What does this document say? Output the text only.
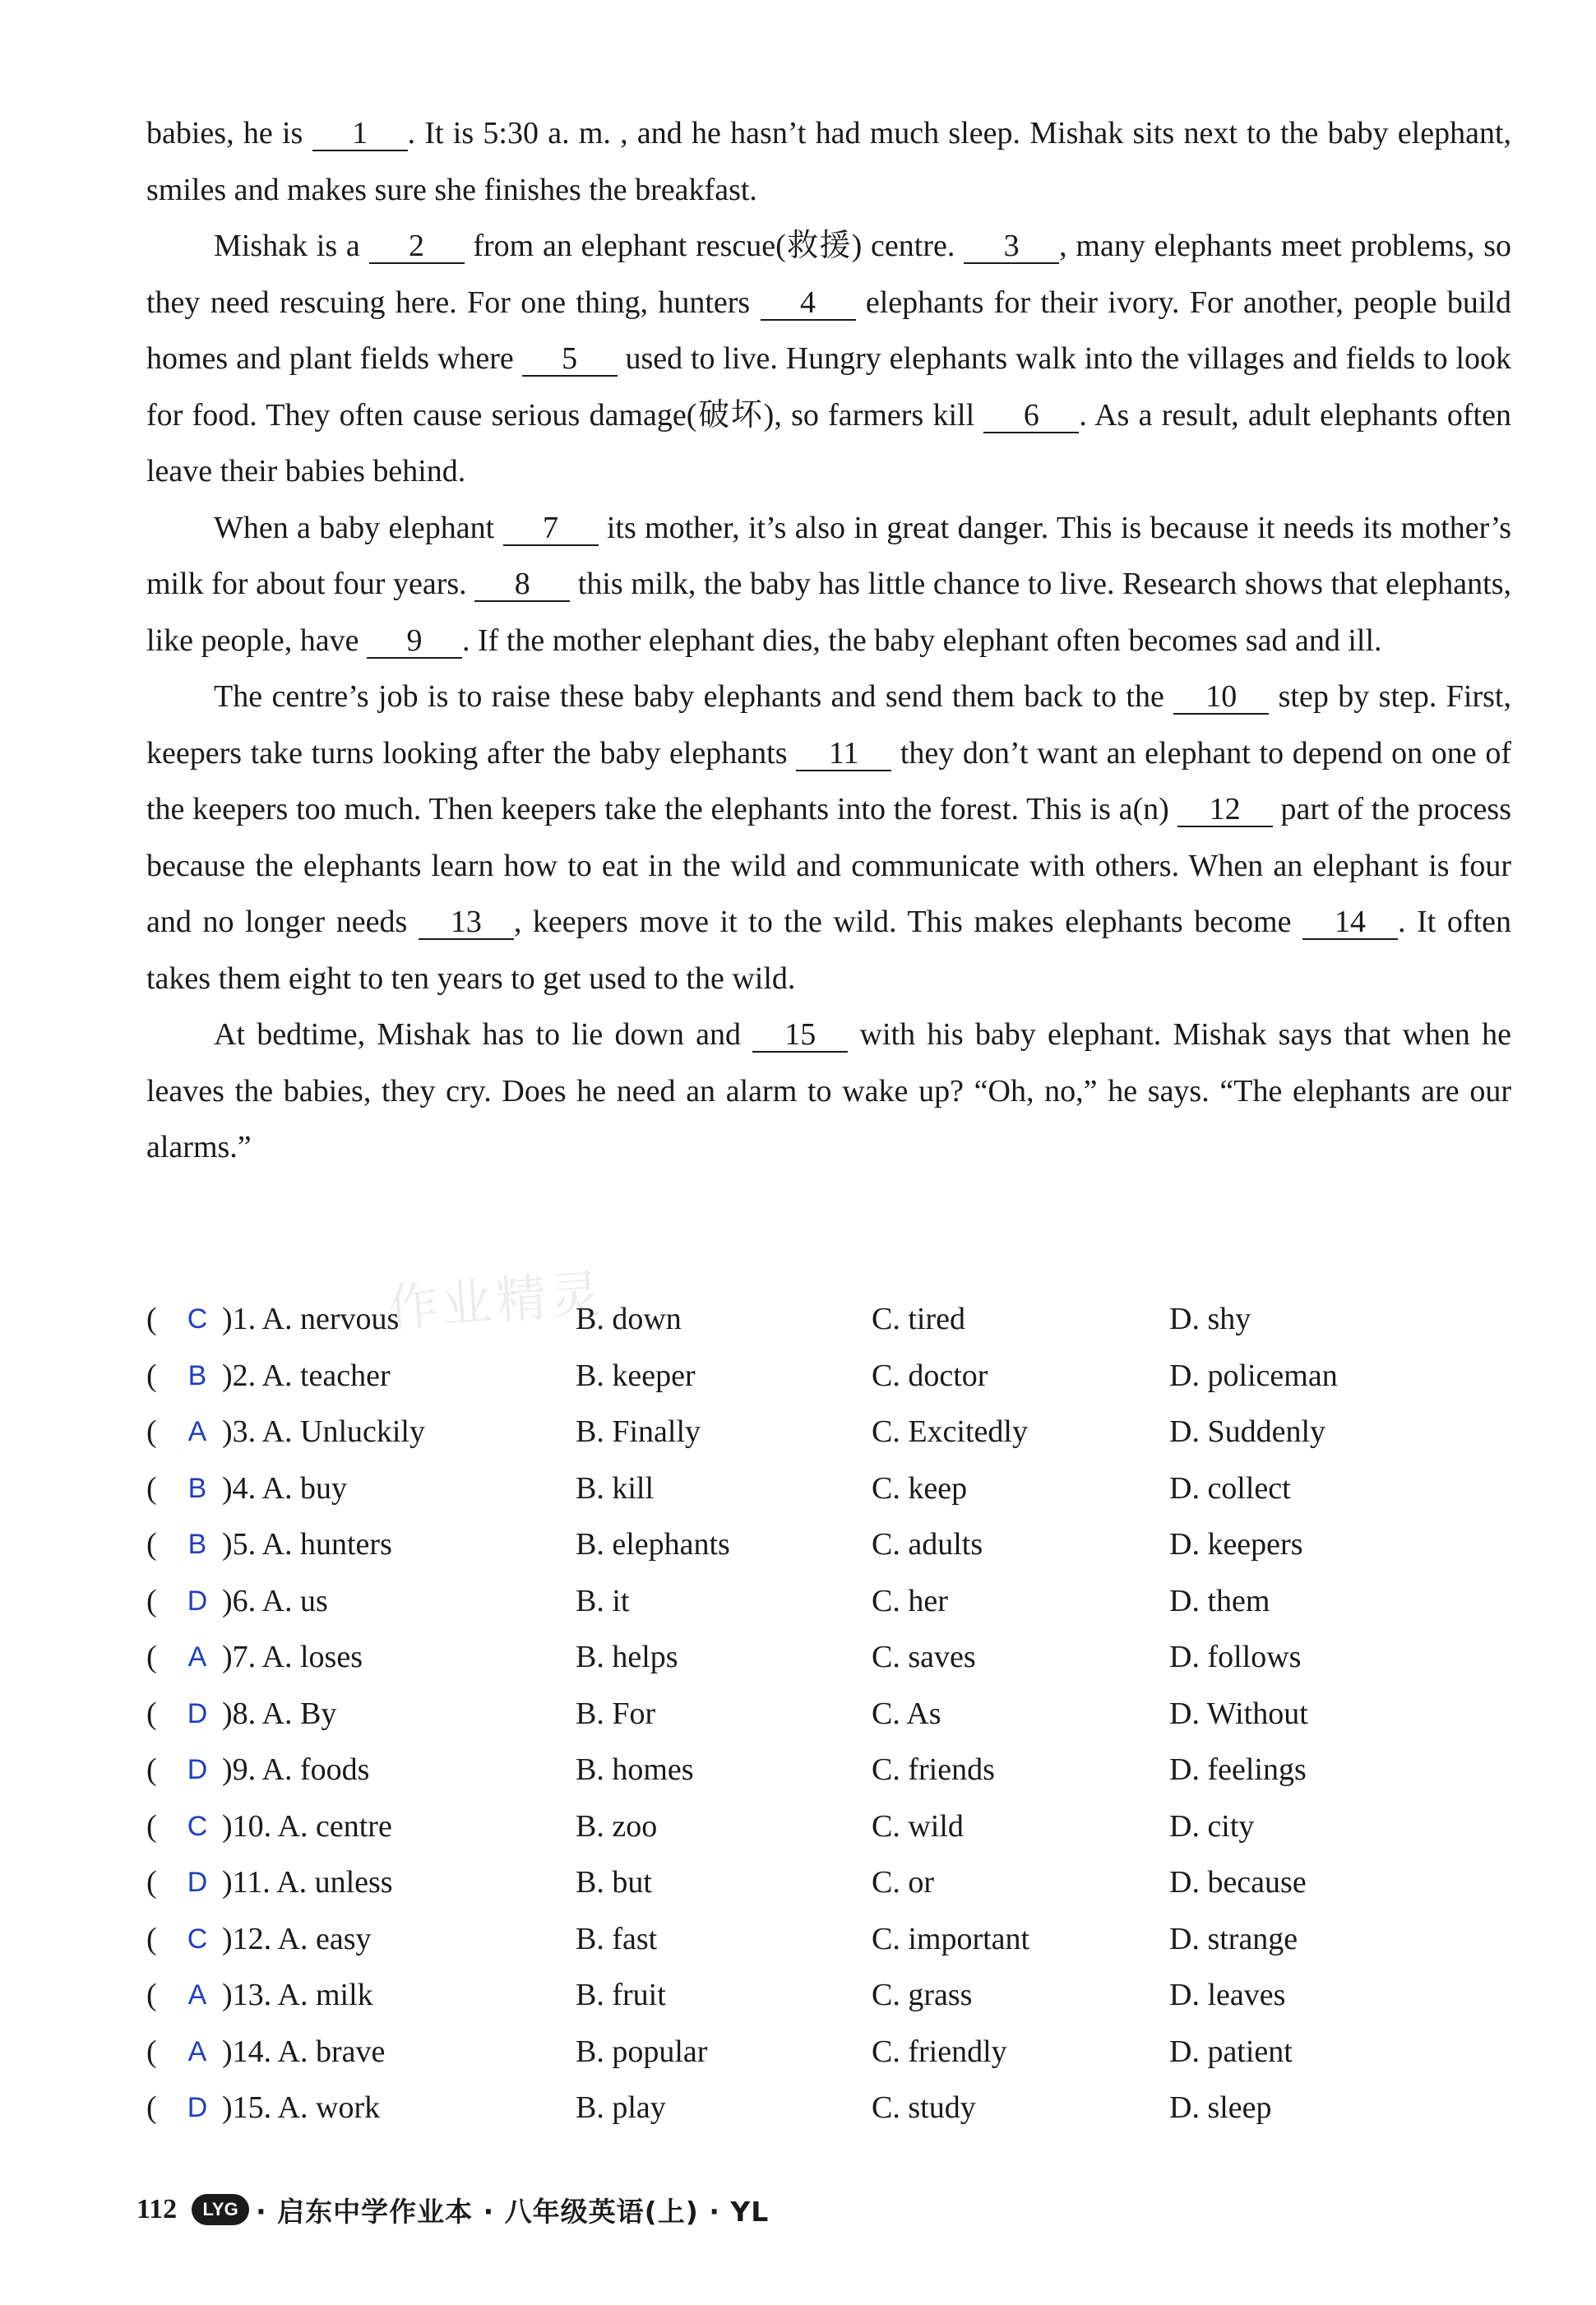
作业精灵

babies, he is 1 . It is 5:30 a. m. , and he hasn’t had much sleep. Mishak sits next to the baby elephant, smiles and makes sure she finishes the breakfast.

Mishak is a 2 from an elephant rescue(救援) centre. 3 , many elephants meet problems, so they need rescuing here. For one thing, hunters 4 elephants for their ivory. For another, people build homes and plant fields where 5 used to live. Hungry elephants walk into the villages and fields to look for food. They often cause serious damage(破坏), so farmers kill 6 . As a result, adult elephants often leave their babies behind.

When a baby elephant 7 its mother, it’s also in great danger. This is because it needs its mother’s milk for about four years. 8 this milk, the baby has little chance to live. Research shows that elephants, like people, have 9 . If the mother elephant dies, the baby elephant often becomes sad and ill.

The centre’s job is to raise these baby elephants and send them back to the 10 step by step. First, keepers take turns looking after the baby elephants 11 they don’t want an elephant to depend on one of the keepers too much. Then keepers take the elephants into the forest. This is a(n) 12 part of the process because the elephants learn how to eat in the wild and communicate with others. When an elephant is four and no longer needs 13 , keepers move it to the wild. This makes elephants become 14 . It often takes them eight to ten years to get used to the wild.

At bedtime, Mishak has to lie down and 15 with his baby elephant. Mishak says that when he leaves the babies, they cry. Does he need an alarm to wake up? “Oh, no,” he says. “The elephants are our alarms.”

( C )1. A. nervous	B. down	C. tired	D. shy
( B )2. A. teacher	B. keeper	C. doctor	D. policeman
( A )3. A. Unluckily	B. Finally	C. Excitedly	D. Suddenly
( B )4. A. buy	B. kill	C. keep	D. collect
( B )5. A. hunters	B. elephants	C. adults	D. keepers
( D )6. A. us	B. it	C. her	D. them
( A )7. A. loses	B. helps	C. saves	D. follows
( D )8. A. By	B. For	C. As	D. Without
( D )9. A. foods	B. homes	C. friends	D. feelings
( C )10. A. centre	B. zoo	C. wild	D. city
( D )11. A. unless	B. but	C. or	D. because
( C )12. A. easy	B. fast	C. important	D. strange
( A )13. A. milk	B. fruit	C. grass	D. leaves
( A )14. A. brave	B. popular	C. friendly	D. patient
( D )15. A. work	B. play	C. study	D. sleep
112	LYG · 启东中学作业本 · 八年级英语(上) · YL
